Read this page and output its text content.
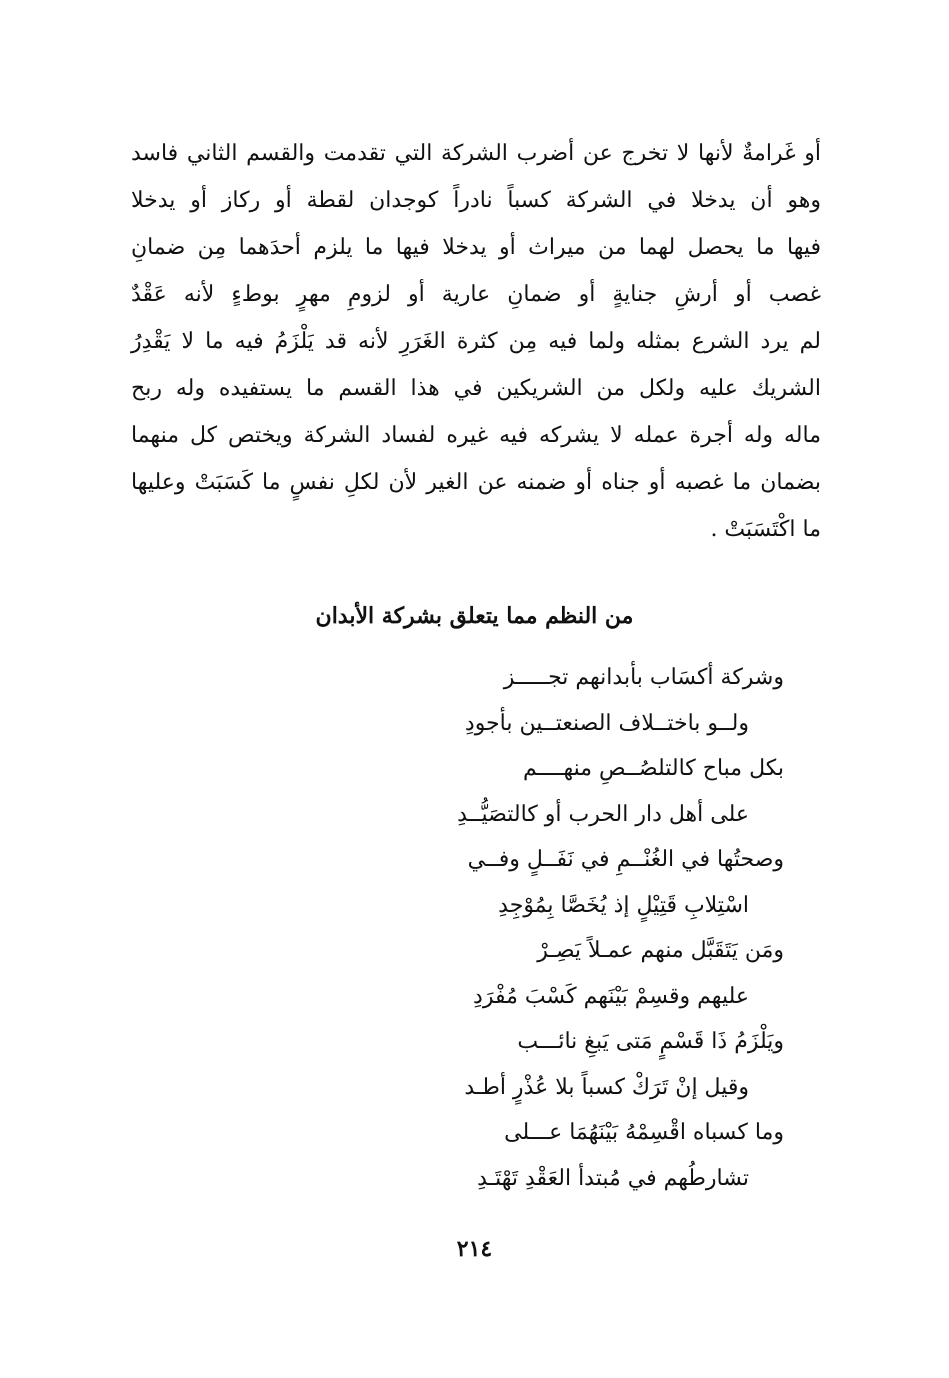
أو غَرامةٌ لأنها لا تخرج عن أضرب الشركة التي تقدمت والقسم الثاني فاسد
وهو أن يدخلا في الشركة كسباً نادراً كوجدان لقطة أو ركاز أو يدخلا
فيها ما يحصل لهما من ميراث أو يدخلا فيها ما يلزم أحدَهما مِن ضمانِ
غصب أو أرشِ جنايةٍ أو ضمانِ عارية أو لزومِ مهرٍ بوطءٍ لأنه عَقْدٌ
لم يرد الشرع بمثله ولما فيه مِن كثرة الغَرَرِ لأنه قد يَلْزَمُ فيه ما لا يَقْدِرُ
الشريك عليه ولكل من الشريكين في هذا القسم ما يستفيده وله ربح
ماله وله أجرة عمله لا يشركه فيه غيره لفساد الشركة ويختص كل منهما
بضمان ما غصبه أو جناه أو ضمنه عن الغير لأن لكلِ نفسٍ ما كَسَبَتْ وعليها
ما اكْتَسَبَتْ .
من النظم مما يتعلق بشركة الأبدان
وشركة أكسَاب بأبدانهم تجـــــز
ولــو باختــلاف الصنعتــين بأجودِ
بكل مباح كالتلصُــصِ منهــــم
على أهل دار الحرب أو كالتصَيُّــدِ
وصحتُها في الغُنْــمِ في نَفَــلٍ وفــي
اسْتِلابِ قَتِيْلٍ إذ يُخَصَّا بِمُوْجِدِ
ومَن يَتَقَبَّل منهم عمـلاً يَصِـرْ
عليهم وقسِمْ بَيْنَهم كَسْبَ مُفْرَدِ
ويَلْزَمُ ذَا قَسْمٍ مَتى يَبغِ نائـــب
وقيل إنْ تَرَكْ كسباً بلا عُذْرٍ أطـد
وما كسباه اقْسِمْهُ بَيْنَهُمَا عـــلى
تشارطُهم في مُبتدأ العَقْدِ تَهْتَـدِ
٢١٤
